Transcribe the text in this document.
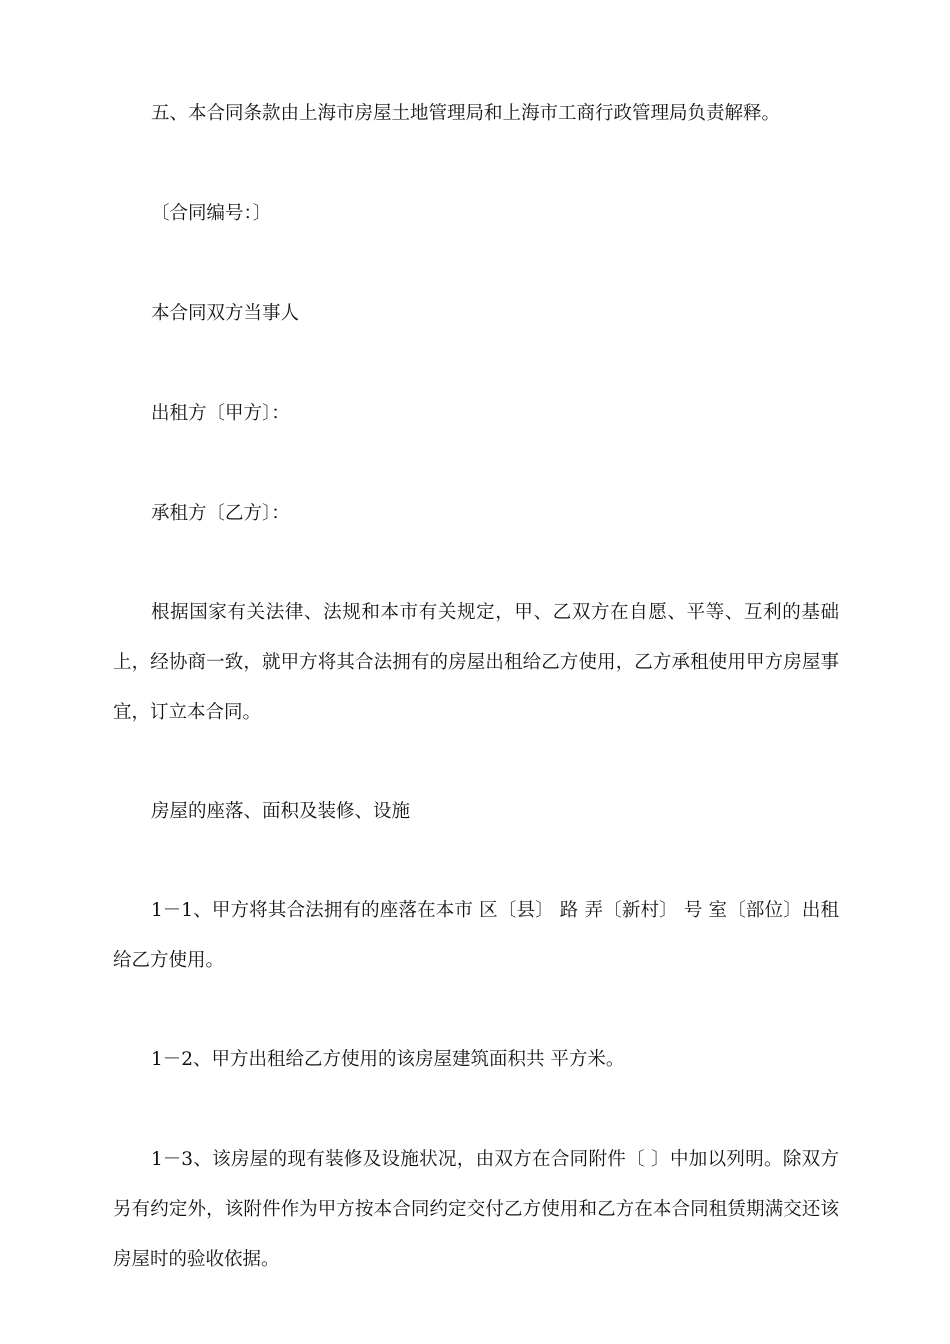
五、本合同条款由上海市房屋土地管理局和上海市工商行政管理局负责解释。

〔合同编号：〕

本合同双方当事人

出租方〔甲方〕：

承租方〔乙方〕：

根据国家有关法律、法规和本市有关规定，甲、乙双方在自愿、平等、互利的基础上，经协商一致，就甲方将其合法拥有的房屋出租给乙方使用，乙方承租使用甲方房屋事宜，订立本合同。

房屋的座落、面积及装修、设施

1－1、甲方将其合法拥有的座落在本市 区〔县〕 路 弄〔新村〕 号 室〔部位〕出租给乙方使用。

1－2、甲方出租给乙方使用的该房屋建筑面积共 平方米。

1－3、该房屋的现有装修及设施状况，由双方在合同附件〔 〕中加以列明。除双方另有约定外，该附件作为甲方按本合同约定交付乙方使用和乙方在本合同租赁期满交还该房屋时的验收依据。
